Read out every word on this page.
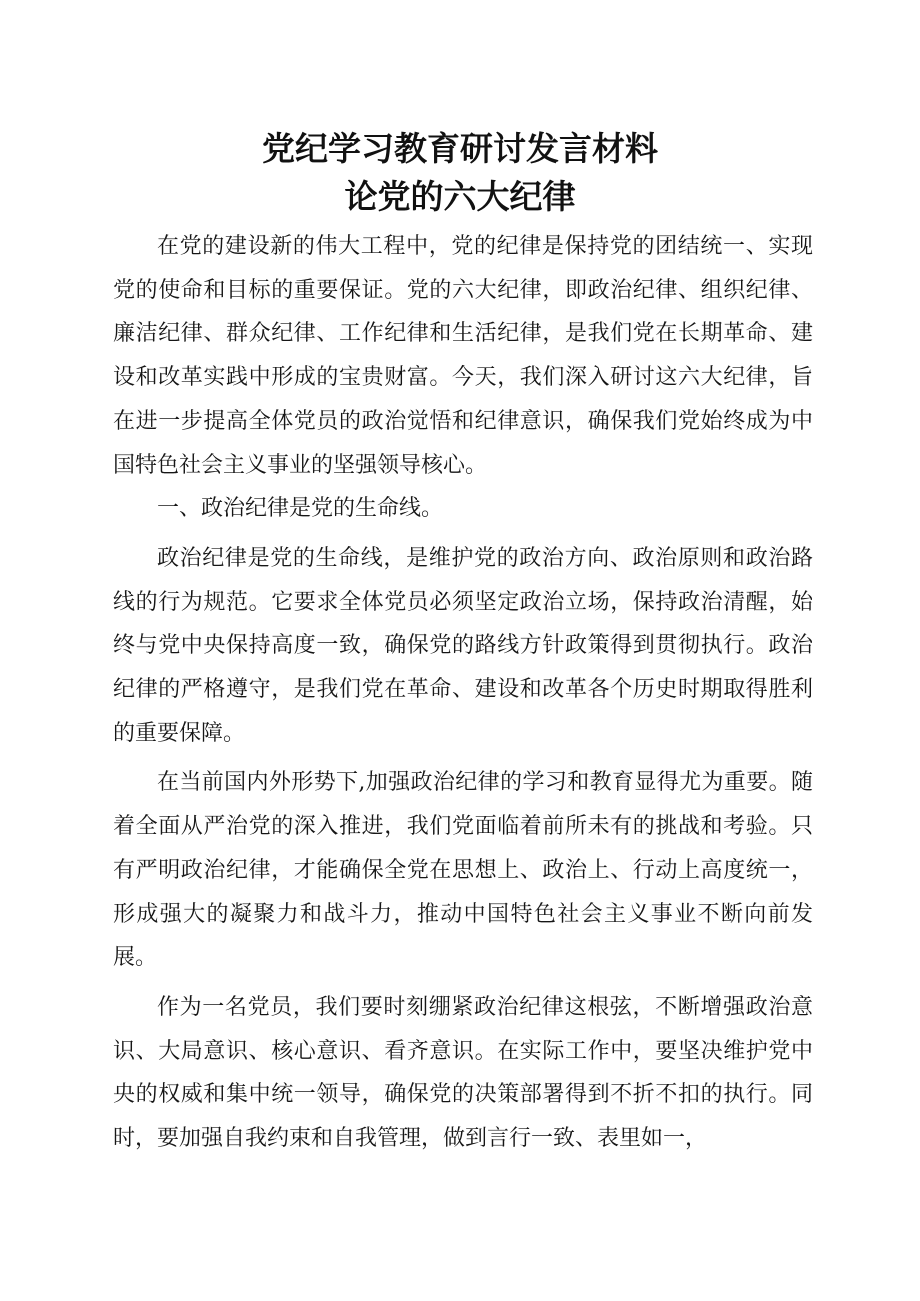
党纪学习教育研讨发言材料
论党的六大纪律

在党的建设新的伟大工程中，党的纪律是保持党的团结统一、实现党的使命和目标的重要保证。党的六大纪律，即政治纪律、组织纪律、廉洁纪律、群众纪律、工作纪律和生活纪律，是我们党在长期革命、建设和改革实践中形成的宝贵财富。今天，我们深入研讨这六大纪律，旨在进一步提高全体党员的政治觉悟和纪律意识，确保我们党始终成为中国特色社会主义事业的坚强领导核心。

一、政治纪律是党的生命线。

政治纪律是党的生命线，是维护党的政治方向、政治原则和政治路线的行为规范。它要求全体党员必须坚定政治立场，保持政治清醒，始终与党中央保持高度一致，确保党的路线方针政策得到贯彻执行。政治纪律的严格遵守，是我们党在革命、建设和改革各个历史时期取得胜利的重要保障。

在当前国内外形势下,加强政治纪律的学习和教育显得尤为重要。随着全面从严治党的深入推进，我们党面临着前所未有的挑战和考验。只有严明政治纪律，才能确保全党在思想上、政治上、行动上高度统一，形成强大的凝聚力和战斗力，推动中国特色社会主义事业不断向前发展。

作为一名党员，我们要时刻绷紧政治纪律这根弦，不断增强政治意识、大局意识、核心意识、看齐意识。在实际工作中，要坚决维护党中央的权威和集中统一领导，确保党的决策部署得到不折不扣的执行。同时，要加强自我约束和自我管理，做到言行一致、表里如一，
